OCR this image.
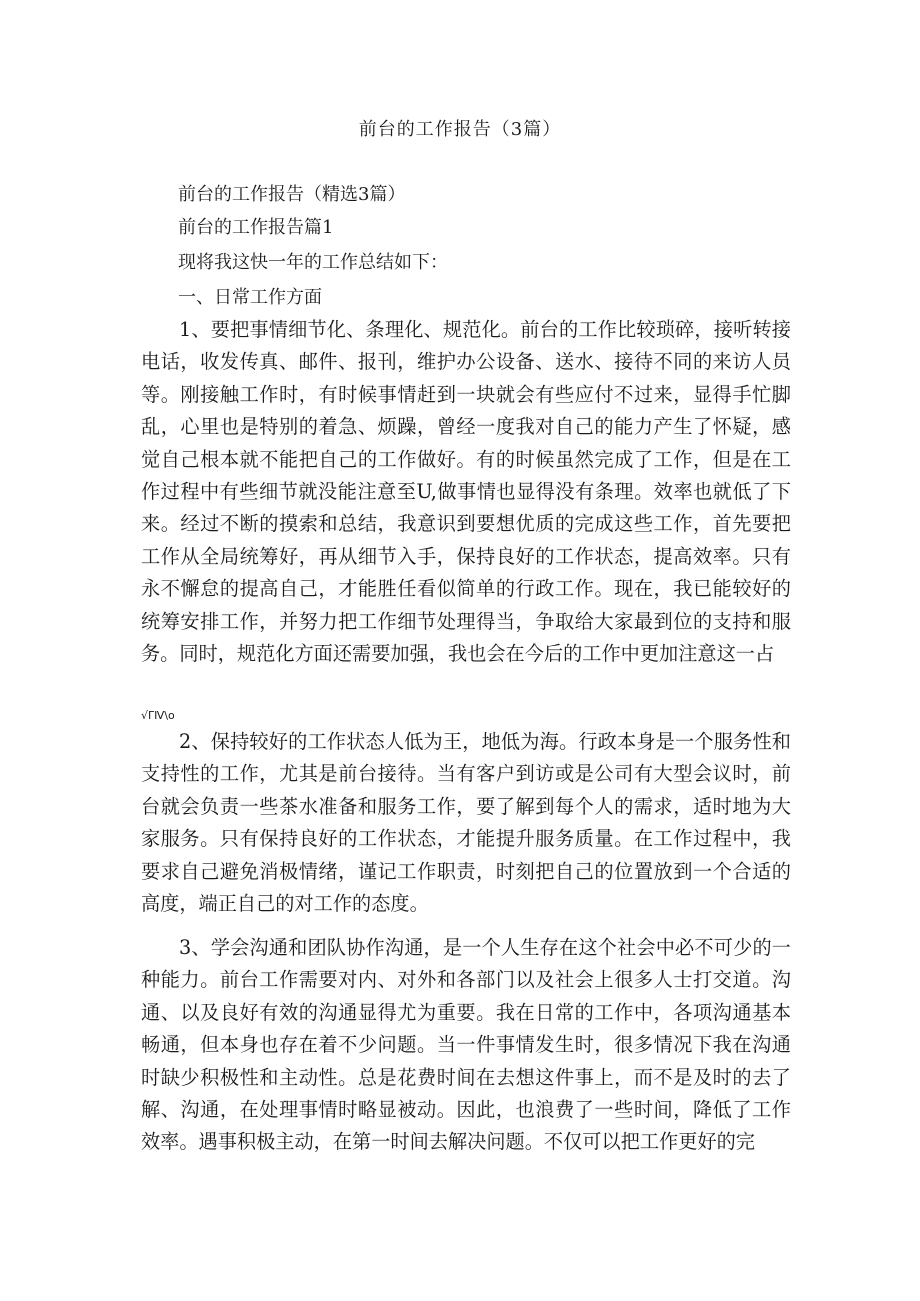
前台的工作报告（3篇）
前台的工作报告（精选3篇）
前台的工作报告篇1
现将我这快一年的工作总结如下：
一、日常工作方面

1、要把事情细节化、条理化、规范化。前台的工作比较琐碎，接听转接电话，收发传真、邮件、报刊，维护办公设备、送水、接待不同的来访人员等。刚接触工作时，有时候事情赶到一块就会有些应付不过来，显得手忙脚乱，心里也是特别的着急、烦躁，曾经一度我对自己的能力产生了怀疑，感觉自己根本就不能把自己的工作做好。有的时候虽然完成了工作，但是在工作过程中有些细节就没能注意至U,做事情也显得没有条理。效率也就低了下来。经过不断的摸索和总结，我意识到要想优质的完成这些工作，首先要把工作从全局统筹好，再从细节入手，保持良好的工作状态，提高效率。只有永不懈怠的提高自己，才能胜任看似简单的行政工作。现在，我已能较好的统筹安排工作，并努力把工作细节处理得当，争取给大家最到位的支持和服务。同时，规范化方面还需要加强，我也会在今后的工作中更加注意这一占

√ΓⅣ\o

2、保持较好的工作状态人低为王，地低为海。行政本身是一个服务性和支持性的工作，尤其是前台接待。当有客户到访或是公司有大型会议时，前台就会负责一些茶水准备和服务工作，要了解到每个人的需求，适时地为大家服务。只有保持良好的工作状态，才能提升服务质量。在工作过程中，我要求自己避免消极情绪，谨记工作职责，时刻把自己的位置放到一个合适的高度，端正自己的对工作的态度。

3、学会沟通和团队协作沟通，是一个人生存在这个社会中必不可少的一种能力。前台工作需要对内、对外和各部门以及社会上很多人士打交道。沟通、以及良好有效的沟通显得尤为重要。我在日常的工作中，各项沟通基本畅通，但本身也存在着不少问题。当一件事情发生时，很多情况下我在沟通时缺少积极性和主动性。总是花费时间在去想这件事上，而不是及时的去了解、沟通，在处理事情时略显被动。因此，也浪费了一些时间，降低了工作效率。遇事积极主动，在第一时间去解决问题。不仅可以把工作更好的完
